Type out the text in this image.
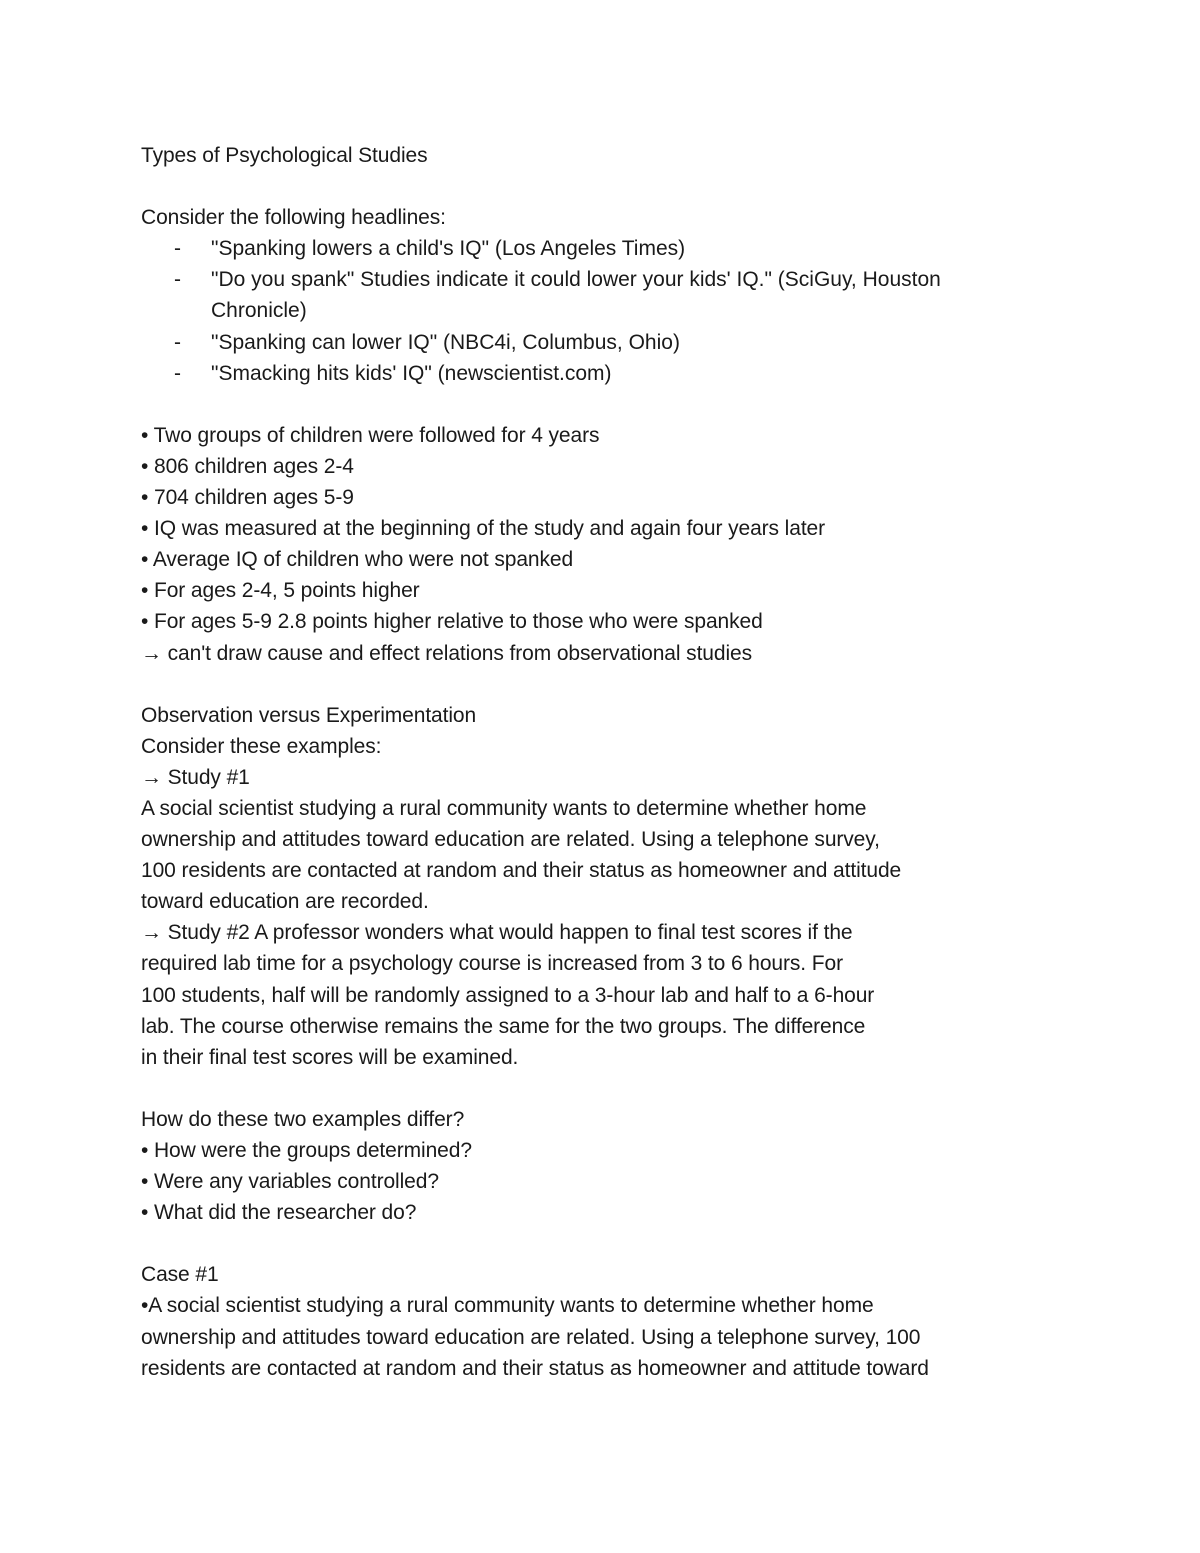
Types of Psychological Studies
Consider the following headlines:
-	"Spanking lowers a child's IQ" (Los Angeles Times)
-	"Do you spank" Studies indicate it could lower your kids' IQ." (SciGuy, Houston Chronicle)
-	"Spanking can lower IQ" (NBC4i, Columbus, Ohio)
-	"Smacking hits kids' IQ" (newscientist.com)
• Two groups of children were followed for 4 years
• 806 children ages 2-4
• 704 children ages 5-9
• IQ was measured at the beginning of the study and again four years later
• Average IQ of children who were not spanked
• For ages 2-4, 5 points higher
• For ages 5-9 2.8 points higher relative to those who were spanked
→ can't draw cause and effect relations from observational studies
Observation versus Experimentation
Consider these examples:
→ Study #1
A social scientist studying a rural community wants to determine whether home
ownership and attitudes toward education are related. Using a telephone survey,
100 residents are contacted at random and their status as homeowner and attitude
toward education are recorded.
→ Study #2 A professor wonders what would happen to final test scores if the
required lab time for a psychology course is increased from 3 to 6 hours. For
100 students, half will be randomly assigned to a 3-hour lab and half to a 6-hour
lab. The course otherwise remains the same for the two groups. The difference
in their final test scores will be examined.
How do these two examples differ?
• How were the groups determined?
• Were any variables controlled?
• What did the researcher do?
Case #1
•A social scientist studying a rural community wants to determine whether home
ownership and attitudes toward education are related. Using a telephone survey, 100
residents are contacted at random and their status as homeowner and attitude toward
